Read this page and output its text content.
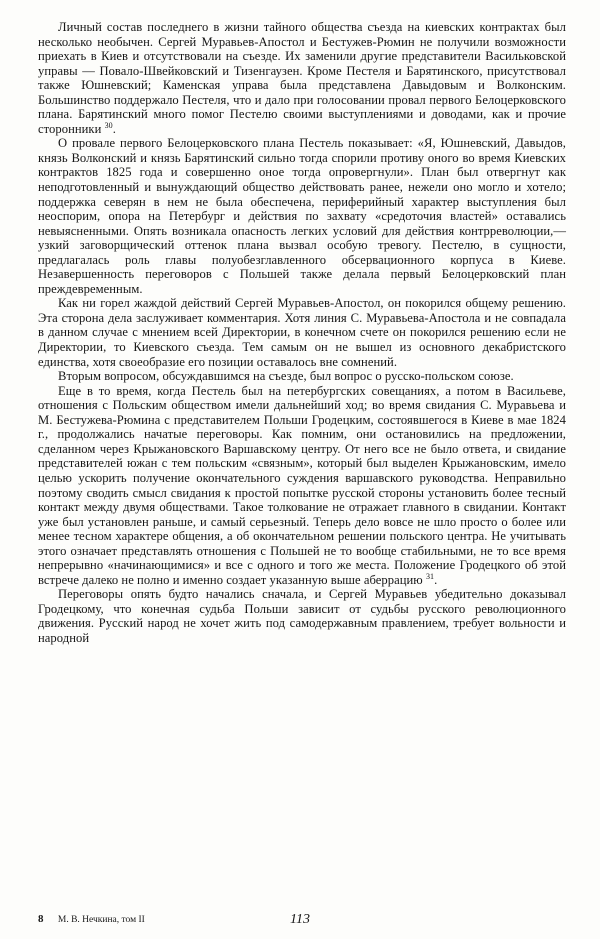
Личный состав последнего в жизни тайного общества съезда на киевских контрактах был несколько необычен. Сергей Муравьев-Апостол и Бестужев-Рюмин не получили возможности приехать в Киев и отсутствовали на съезде. Их заменили другие представители Васильковской управы — Повало-Швейковский и Тизенгаузен. Кроме Пестеля и Барятинского, присутствовал также Юшневский; Каменская управа была представлена Давыдовым и Волконским. Большинство поддержало Пестеля, что и дало при голосовании провал первого Белоцерковского плана. Барятинский много помог Пестелю своими выступлениями и доводами, как и прочие сторонники $^{30}$.

О провале первого Белоцерковского плана Пестель показывает: «Я, Юшневский, Давыдов, князь Волконский и князь Барятинский сильно тогда спорили противу оного во время Киевских контрактов 1825 года и совершенно оное тогда опровергнули». План был отвергнут как неподготовленный и вынуждающий общество действовать ранее, нежели оно могло и хотело; поддержка северян в нем не была обеспечена, периферийный характер выступления был неоспорим, опора на Петербург и действия по захвату «средоточия властей» оставались невыясненными. Опять возникала опасность легких условий для действия контрреволюции,— узкий заговорщический оттенок плана вызвал особую тревогу. Пестелю, в сущности, предлагалась роль главы полуобезглавленного обсервационного корпуса в Киеве. Незавершенность переговоров с Польшей также делала первый Белоцерковский план преждевременным.

Как ни горел жаждой действий Сергей Муравьев-Апостол, он покорился общему решению. Эта сторона дела заслуживает комментария. Хотя линия С. Муравьева-Апостола и не совпадала в данном случае с мнением всей Директории, в конечном счете он покорился решению если не Директории, то Киевского съезда. Тем самым он не вышел из основного декабристского единства, хотя своеобразие его позиции оставалось вне сомнений.

Вторым вопросом, обсуждавшимся на съезде, был вопрос о русско-польском союзе.

Еще в то время, когда Пестель был на петербургских совещаниях, а потом в Васильеве, отношения с Польским обществом имели дальнейший ход; во время свидания С. Муравьева и М. Бестужева-Рюмина с представителем Польши Гродецким, состоявшегося в Киеве в мае 1824 г., продолжались начатые переговоры. Как помним, они остановились на предложении, сделанном через Крыжановского Варшавскому центру. От него все не было ответа, и свидание представителей южан с тем польским «связным», который был выделен Крыжановским, имело целью ускорить получение окончательного суждения варшавского руководства. Неправильно поэтому сводить смысл свидания к простой попытке русской стороны установить более тесный контакт между двумя обществами. Такое толкование не отражает главного в свидании. Контакт уже был установлен раньше, и самый серьезный. Теперь дело вовсе не шло просто о более или менее тесном характере общения, а об окончательном решении польского центра. Не учитывать этого означает представлять отношения с Польшей не то вообще стабильными, не то все время непрерывно «начинающимися» и все с одного и того же места. Положение Гродецкого об этой встрече далеко не полно и именно создает указанную выше аберрацию $^{31}$.

Переговоры опять будто начались сначала, и Сергей Муравьев убедительно доказывал Гродецкому, что конечная судьба Польши зависит от судьбы русского революционного движения. Русский народ не хочет жить под самодержавным правлением, требует вольности и народной

8 М. В. Нечкина, том II	113
